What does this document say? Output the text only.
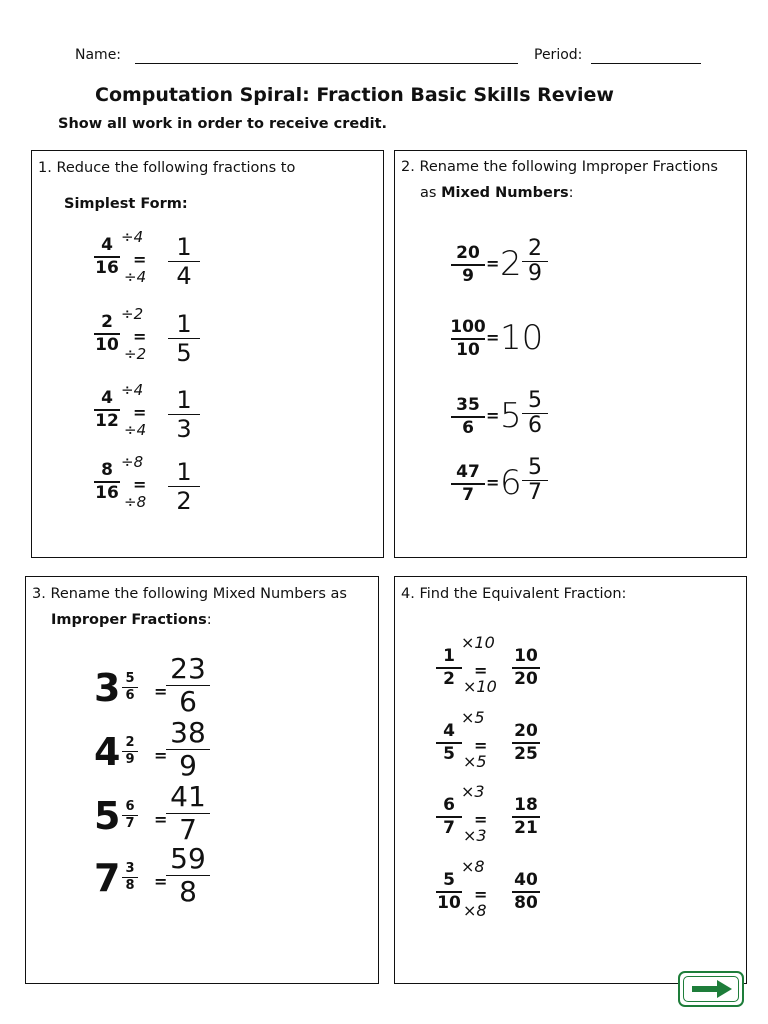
Name:	Period:
Computation Spiral: Fraction Basic Skills Review
Show all work in order to receive credit.
1. Reduce the following fractions to
Simplest Form:
2. Rename the following Improper Fractions
as Mixed Numbers:
3. Rename the following Mixed Numbers as
Improper Fractions:
4. Find the Equivalent Fraction:
4
16 =
÷4
÷4
1
4
2
10 =
÷2
÷2
1
5
4
12 =
÷4
÷4
1
3
8
16 =
÷8
÷8
1
2
20
9
= 2 2
9
100
10
= 10
35
6
= 5 5
6
47
7
= 6 5
7
3 5
6 =
23
6
4 2
9 =
38
9
5 6
7 =
41
7
7 3
8 =
59
8
1
2	=
×10
×10
10
20
4
5	=
×5
×5
20
25
6
7	=
×3
×3
18
21
5
10 =
×8
×8
40
80
